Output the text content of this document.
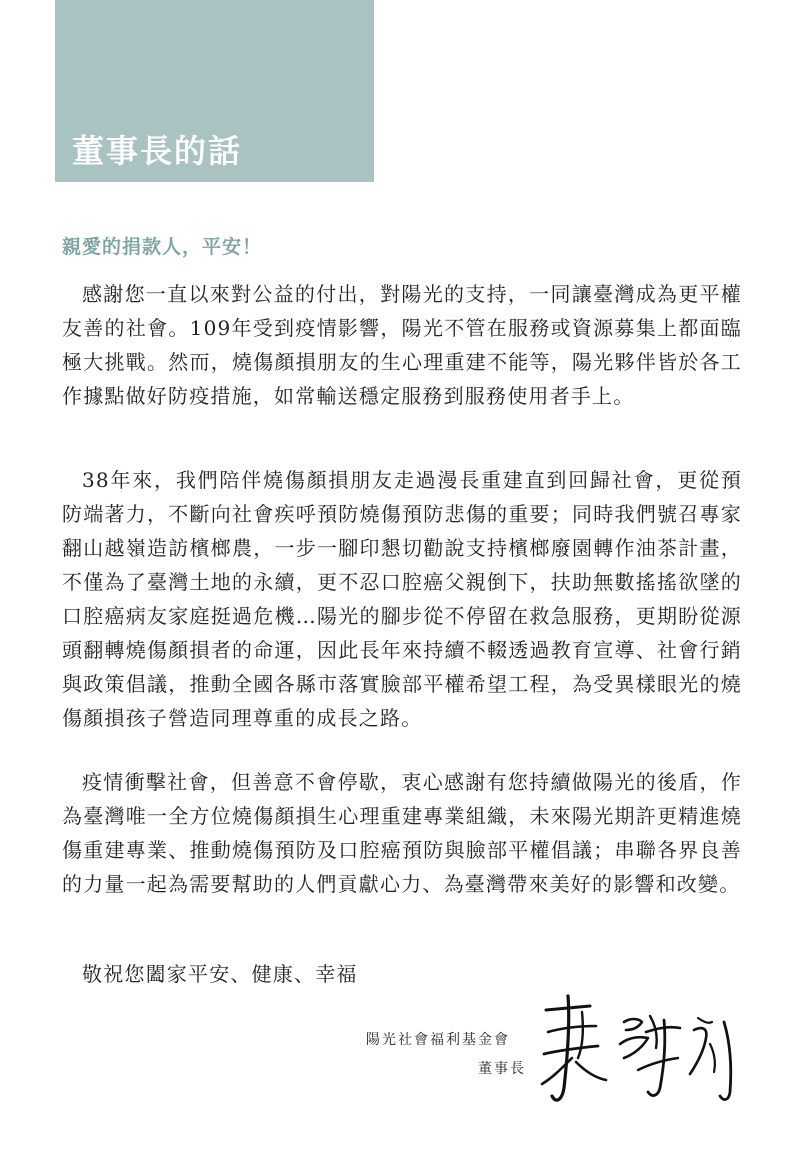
董事長的話
親愛的捐款人，平安！

感謝您一直以來對公益的付出，對陽光的支持，一同讓臺灣成為更平權友善的社會。109年受到疫情影響，陽光不管在服務或資源募集上都面臨極大挑戰。然而，燒傷顏損朋友的生心理重建不能等，陽光夥伴皆於各工作據點做好防疫措施，如常輸送穩定服務到服務使用者手上。

38年來，我們陪伴燒傷顏損朋友走過漫長重建直到回歸社會，更從預防端著力，不斷向社會疾呼預防燒傷預防悲傷的重要；同時我們號召專家翻山越嶺造訪檳榔農，一步一腳印懇切勸說支持檳榔廢園轉作油茶計畫，不僅為了臺灣土地的永續，更不忍口腔癌父親倒下，扶助無數搖搖欲墜的口腔癌病友家庭挺過危機…陽光的腳步從不停留在救急服務，更期盼從源頭翻轉燒傷顏損者的命運，因此長年來持續不輟透過教育宣導、社會行銷與政策倡議，推動全國各縣市落實臉部平權希望工程，為受異樣眼光的燒傷顏損孩子營造同理尊重的成長之路。

疫情衝擊社會，但善意不會停歇，衷心感謝有您持續做陽光的後盾，作為臺灣唯一全方位燒傷顏損生心理重建專業組織，未來陽光期許更精進燒傷重建專業、推動燒傷預防及口腔癌預防與臉部平權倡議；串聯各界良善的力量一起為需要幫助的人們貢獻心力、為臺灣帶來美好的影響和改變。

敬祝您闔家平安、健康、幸福
陽光社會福利基金會
董事長
